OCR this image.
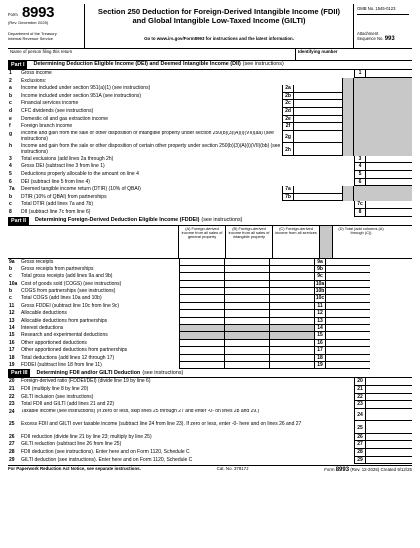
Form 8993
(Rev. December 2025)
Department of the Treasury
Internal Revenue Service
Section 250 Deduction for Foreign-Derived Intangible Income (FDII)
and Global Intangible Low-Taxed Income (GILTI)
Go to www.irs.gov/Form8993 for instructions and the latest information.
OMB No. 1545-0123
Attachment
Sequence No. 993
Name of person filing this return	Identifying number
Part I	Determining Deduction Eligible Income (DEI) and Deemed Intangible Income (DII) (see instructions)
1	Gross income	1
2	Exclusions:
a	Income included under section 951(a)(1) (see instructions)	2a
b	Income included under section 951A (see instructions)	2b
c	Financial services income	2c
d	CFC dividends (see instructions)	2d
e	Domestic oil and gas extraction income	2e
f	Foreign branch income	2f
g	Income and gain from the sale or other disposition of intangible property under section 250(b)(3)(A)(i)(VII)(aa) (see instructions)	2g
h	Income and gain from the sale or other disposition of certain other property under section 250(b)(3)(A)(i)(VII)(bb) (see instructions)	2h
3	Total exclusions (add lines 2a through 2h)	3
4	Gross DEI (subtract line 3 from line 1)	4
5	Deductions properly allocable to the amount on line 4	5
6	DEI (subtract line 5 from line 4)	6
7a	Deemed tangible income return (DTIR) (10% of QBAI)	7a
b	DTIR (10% of QBAI) from partnerships	7b
c	Total DTIR (add lines 7a and 7b)	7c
8	DII (subtract line 7c from line 6)	8
Part II	Determining Foreign-Derived Deduction Eligible Income (FDDEI) (see instructions)
(A) Foreign-derived income from all sales of general property
(B) Foreign-derived income from all sales of intangible property
(C) Foreign-derived income from all services
(D) Total (add columns (A) through (C))
9a	Gross receipts	9a
b	Gross receipts from partnerships	9b
c	Total gross receipts (add lines 9a and 9b)	9c
10a Cost of goods sold (COGS) (see instructions)	10a
b	COGS from partnerships (see instructions)	10b
c	Total COGS (add lines 10a and 10b)	10c
11	Gross FDDEI (subtract line 10c from line 9c)	11
12	Allocable deductions	12
13	Allocable deductions from partnerships	13
14	Interest deductions	14
15	Research and experimental deductions	15
16	Other apportioned deductions	16
17	Other apportioned deductions from partnerships	17
18	Total deductions (add lines 12 through 17)	18
19	FDDEI (subtract line 18 from line 11)	19
Part III	Determining FDII and/or GILTI Deduction (see instructions)
20	Foreign-derived ratio (FDDEI/DEI) (divide line 19 by line 6)	20
21	FDII (multiply line 8 by line 20)	21
22	GILTI inclusion (see instructions)	22
23	Total FDII and GILTI (add lines 21 and 22)	23
24	Taxable income (see instructions) (If zero or less, skip lines 25 through 27 and enter -0- on lines 28 and 29.)
24
25	Excess FDII and GILTI over taxable income (subtract line 24 from line 23). If zero or less, enter -0- here and on lines 26 and 27
25
26	FDII reduction (divide line 21 by line 23; multiply by line 25)	26
27	GILTI reduction (subtract line 26 from line 25)	27
28	FDII deduction (see instructions). Enter here and on Form 1120, Schedule C	28
29	GILTI deduction (see instructions). Enter here and on Form 1120, Schedule C	29
For Paperwork Reduction Act Notice, see separate instructions.	Cat. No. 37817J	Form 8993 (Rev. 12-2025) Created 9/12/25
